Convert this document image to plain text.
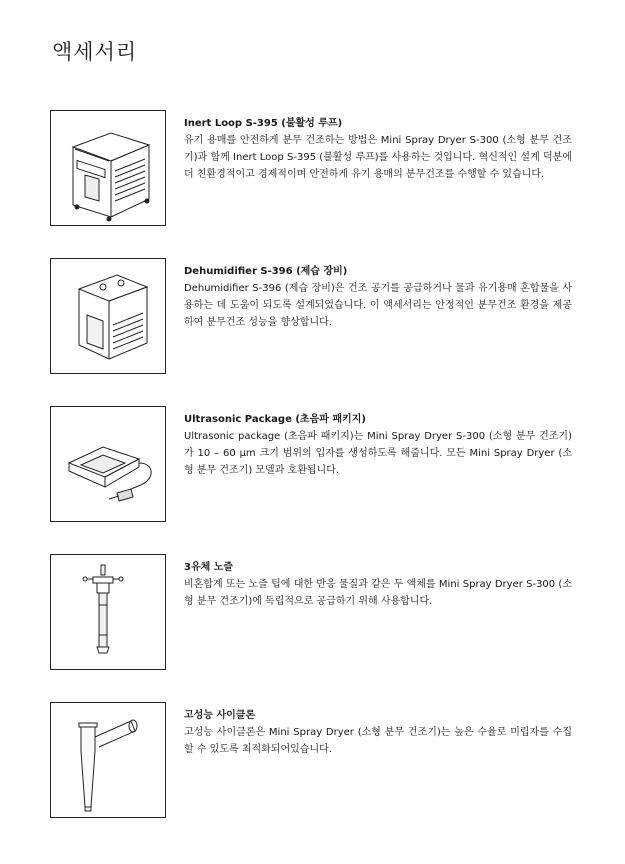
액세서리

Inert Loop S-395 (불활성 루프)

유기 용매를 안전하게 분무 건조하는 방법은 Mini Spray Dryer S-300 (소형 분무 건조기)과 함께 Inert Loop S-395 (불활성 루프)를 사용하는 것입니다. 혁신적인 설계 덕분에 더 친환경적이고 경제적이며 안전하게 유기 용매의 분무건조를 수행할 수 있습니다.

Dehumidifier S-396 (제습 장비)

Dehumidifier S-396 (제습 장비)은 건조 공기를 공급하거나 물과 유기용매 혼합물을 사용하는 데 도움이 되도록 설계되었습니다. 이 액세서리는 안정적인 분무건조 환경을 제공하여 분무건조 성능을 향상합니다.

Ultrasonic Package (초음파 패키지)

Ultrasonic package (초음파 패키지)는 Mini Spray Dryer S-300 (소형 분무 건조기)가 10 – 60 μm 크기 범위의 입자를 생성하도록 해줍니다. 모든 Mini Spray Dryer (소형 분무 건조기) 모델과 호환됩니다.

3유체 노즐

비혼합계 또는 노즐 팁에 대한 반응 물질과 같은 두 액체를 Mini Spray Dryer S-300 (소형 분무 건조기)에 독립적으로 공급하기 위해 사용합니다.

고성능 사이클론

고성능 사이클론은 Mini Spray Dryer (소형 분무 건조기)는 높은 수율로 미립자를 수집할 수 있도록 최적화되어있습니다.
